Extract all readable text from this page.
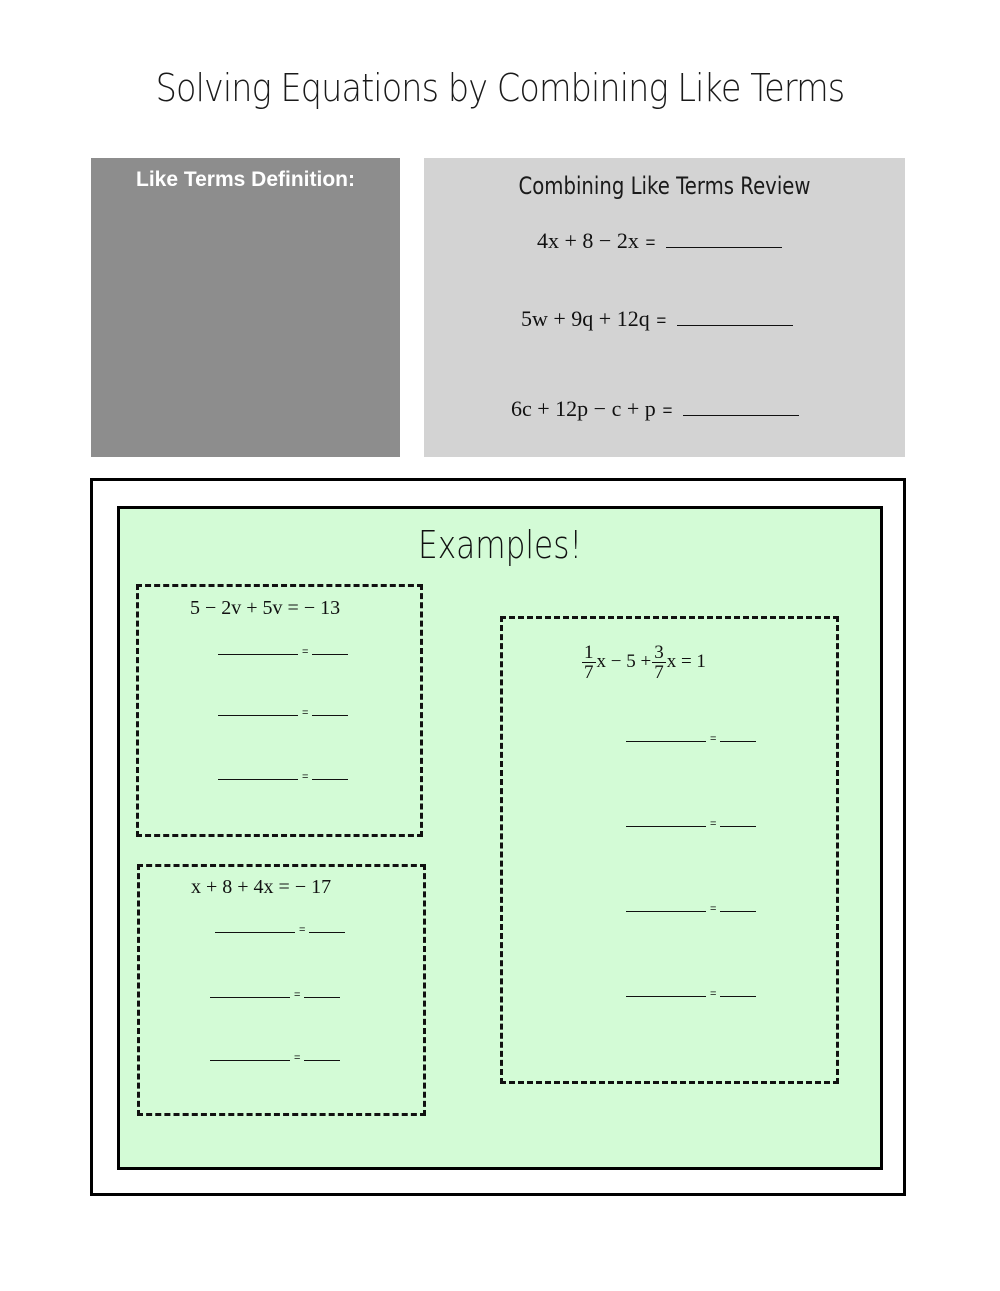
Solving Equations by Combining Like Terms
Like Terms Definition:	Combining Like Terms Review
4x + 8 − 2x =
5w + 9q + 12q =
6c + 12p − c + p =
Examples!
5 − 2v + 5v = − 13
=
=
=
x + 8 + 4x = − 17
=
=
=
$\frac{1}{7}$ $x - 5 + \frac{3}{7}$ x = 1
=
=
=
=
